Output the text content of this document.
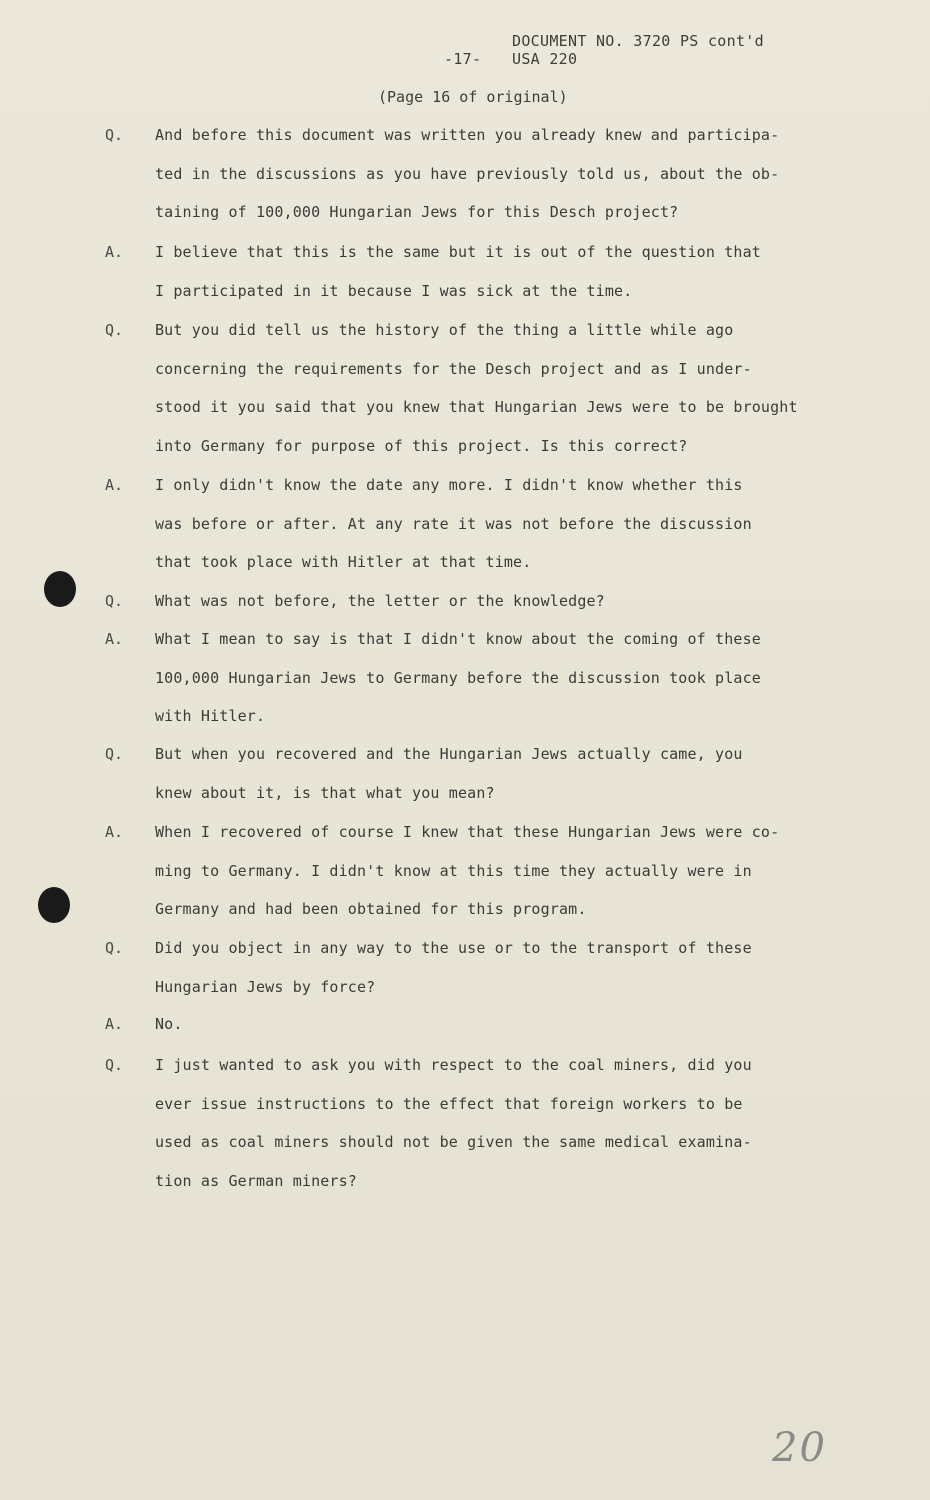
DOCUMENT NO. 3720 PS cont'd
-17- USA 220
(Page 16 of original)
Q. And before this document was written you already knew and participa-
ted in the discussions as you have previously told us, about the ob-
taining of 100,000 Hungarian Jews for this Desch project?
A. I believe that this is the same but it is out of the question that
I participated in it because I was sick at the time.
Q. But you did tell us the history of the thing a little while ago
concerning the requirements for the Desch project and as I under-
stood it you said that you knew that Hungarian Jews were to be brought
into Germany for purpose of this project. Is this correct?
A. I only didn't know the date any more. I didn't know whether this
was before or after. At any rate it was not before the discussion
that took place with Hitler at that time.
Q. What was not before, the letter or the knowledge?
A. What I mean to say is that I didn't know about the coming of these
100,000 Hungarian Jews to Germany before the discussion took place
with Hitler.
Q. But when you recovered and the Hungarian Jews actually came, you
knew about it, is that what you mean?
A. When I recovered of course I knew that these Hungarian Jews were co-
ming to Germany. I didn't know at this time they actually were in
Germany and had been obtained for this program.
Q. Did you object in any way to the use or to the transport of these
Hungarian Jews by force?
A. No.
Q. I just wanted to ask you with respect to the coal miners, did you
ever issue instructions to the effect that foreign workers to be
used as coal miners should not be given the same medical examina-
tion as German miners?
20
